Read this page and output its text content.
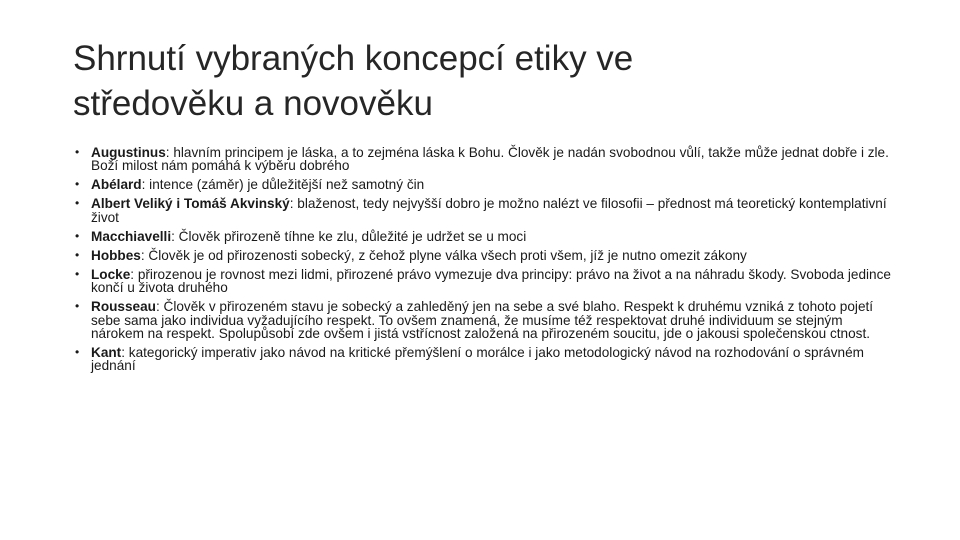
Shrnutí vybraných koncepcí etiky ve
středověku a novověku
• Augustinus: hlavním principem je láska, a to zejména láska k Bohu. Člověk je nadán svobodnou vůlí, takže může jednat dobře i zle. Boží milost nám pomáhá k výběru dobrého
• Abélard: intence (záměr) je důležitější než samotný čin
• Albert Veliký i Tomáš Akvinský: blaženost, tedy nejvyšší dobro je možno nalézt ve filosofii – přednost má teoretický kontemplativní život
• Macchiavelli: Člověk přirozeně tíhne ke zlu, důležité je udržet se u moci
• Hobbes: Člověk je od přirozenosti sobecký, z čehož plyne válka všech proti všem, jíž je nutno omezit zákony
• Locke: přirozenou je rovnost mezi lidmi, přirozené právo vymezuje dva principy: právo na život a na náhradu škody. Svoboda jedince končí u života druhého
• Rousseau: Člověk v přirozeném stavu je sobecký a zahleděný jen na sebe a své blaho. Respekt k druhému vzniká z tohoto pojetí sebe sama jako individua vyžadujícího respekt. To ovšem znamená, že musíme též respektovat druhé individuum se stejným nárokem na respekt. Spolupůsobí zde ovšem i jistá vstřícnost založená na přirozeném soucitu, jde o jakousi společenskou ctnost.
• Kant: kategorický imperativ jako návod na kritické přemýšlení o morálce i jako metodologický návod na rozhodování o správném jednání
